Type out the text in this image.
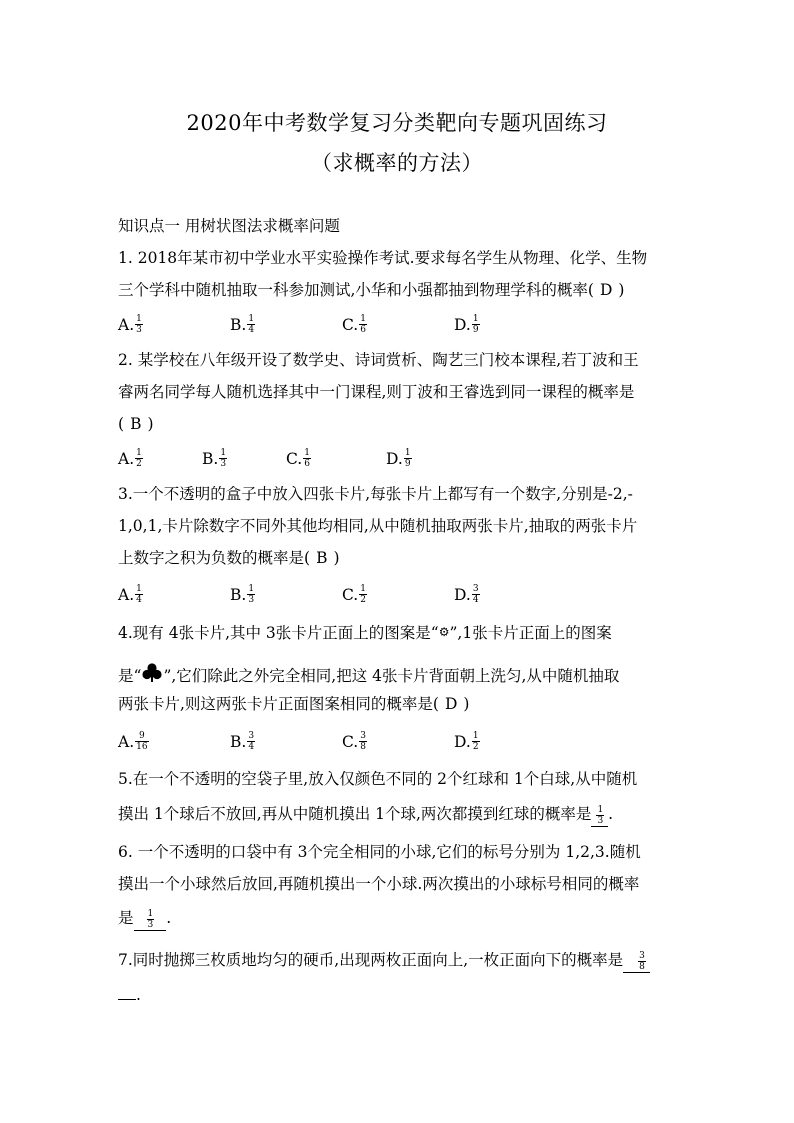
2020年中考数学复习分类靶向专题巩固练习
（求概率的方法）
知识点一 用树状图法求概率问题
1. 2018年某市初中学业水平实验操作考试.要求每名学生从物理、化学、生物
三个学科中随机抽取一科参加测试,小华和小强都抽到物理学科的概率( D )
A. $\frac{1}{3}$	B. $\frac{1}{4}$	C. $\frac{1}{6}$	D. $\frac{1}{9}$
2. 某学校在八年级开设了数学史、诗词赏析、陶艺三门校本课程,若丁波和王
睿两名同学每人随机选择其中一门课程,则丁波和王睿选到同一课程的概率是
( B )
A. $\frac{1}{2}$	B. $\frac{1}{3}$	C. $\frac{1}{6}$	D. $\frac{1}{9}$
3.一个不透明的盒子中放入四张卡片,每张卡片上都写有一个数字,分别是-2,-
1,0,1,卡片除数字不同外其他均相同,从中随机抽取两张卡片,抽取的两张卡片
上数字之积为负数的概率是( B )
A. $\frac{1}{4}$	B. $\frac{1}{3}$	C. $\frac{1}{2}$	D. $\frac{3}{4}$
4.现有 4张卡片,其中 3张卡片正面上的图案是“⚙”,1张卡片正面上的图案
是“ ”,它们除此之外完全相同,把这 4张卡片背面朝上洗匀,从中随机抽取
两张卡片,则这两张卡片正面图案相同的概率是( D )
A. $\frac{9}{16}$	B. $\frac{3}{4}$	C. $\frac{3}{8}$	D. $\frac{1}{2}$
5.在一个不透明的空袋子里,放入仅颜色不同的 2个红球和 1个白球,从中随机
摸出 1个球后不放回,再从中随机摸出 1个球,两次都摸到红球的概率是 $\frac{1}{3}$ .
6. 一个不透明的口袋中有 3个完全相同的小球,它们的标号分别为 1,2,3.随机
摸出一个小球然后放回,再随机摸出一个小球.两次摸出的小球标号相同的概率
是 $\frac{1}{3}$ .
7.同时抛掷三枚质地均匀的硬币,出现两枚正面向上,一枚正面向下的概率是 $\frac{3}{8}$
.
